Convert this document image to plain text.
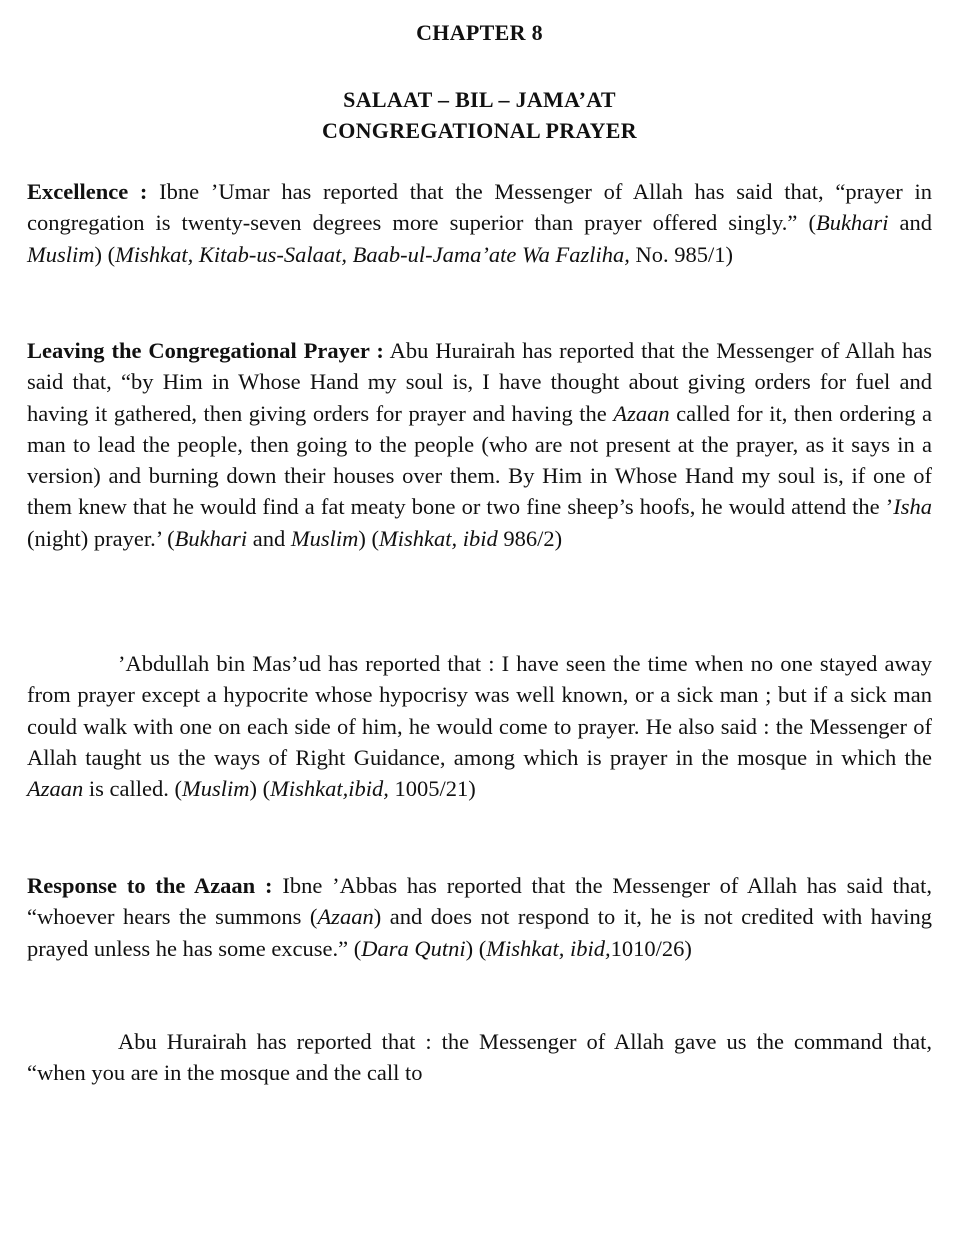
CHAPTER 8
SALAAT – BIL – JAMA’AT
CONGREGATIONAL PRAYER

Excellence : Ibne ’Umar has reported that the Messenger of Allah has said that, “prayer in congregation is twenty-seven degrees more superior than prayer offered singly.” (Bukhari and Muslim) (Mishkat, Kitab-us-Salaat, Baab-ul-Jama’ate Wa Fazliha, No. 985/1)

Leaving the Congregational Prayer : Abu Hurairah has reported that the Messenger of Allah has said that, “by Him in Whose Hand my soul is, I have thought about giving orders for fuel and having it gathered, then giving orders for prayer and having the Azaan called for it, then ordering a man to lead the people, then going to the people (who are not present at the prayer, as it says in a version) and burning down their houses over them. By Him in Whose Hand my soul is, if one of them knew that he would find a fat meaty bone or two fine sheep’s hoofs, he would attend the ’Isha (night) prayer.’ (Bukhari and Muslim) (Mishkat, ibid 986/2)

’Abdullah bin Mas’ud has reported that : I have seen the time when no one stayed away from prayer except a hypocrite whose hypocrisy was well known, or a sick man ; but if a sick man could walk with one on each side of him, he would come to prayer. He also said : the Messenger of Allah taught us the ways of Right Guidance, among which is prayer in the mosque in which the Azaan is called. (Muslim) (Mishkat,ibid, 1005/21)

Response to the Azaan : Ibne ’Abbas has reported that the Messenger of Allah has said that, “whoever hears the summons (Azaan) and does not respond to it, he is not credited with having prayed unless he has some excuse.” (Dara Qutni) (Mishkat, ibid,1010/26)

Abu Hurairah has reported that : the Messenger of Allah gave us the command that, “when you are in the mosque and the call to
